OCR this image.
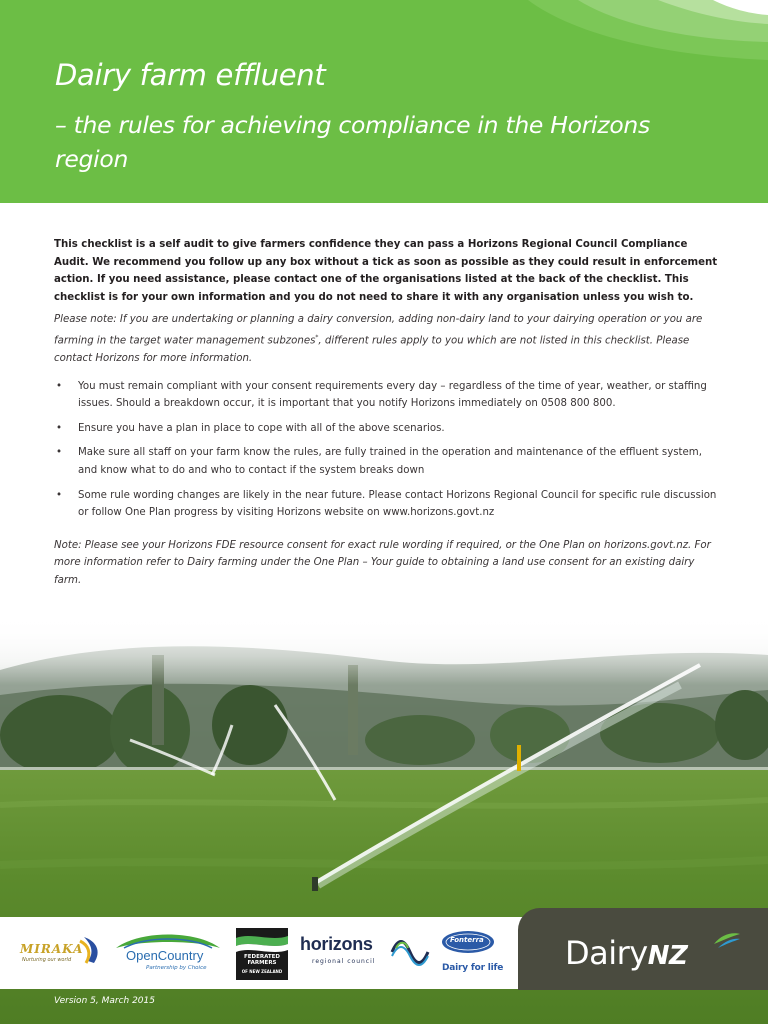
Dairy farm effluent
– the rules for achieving compliance in the Horizons region

This checklist is a self audit to give farmers confidence they can pass a Horizons Regional Council Compliance Audit. We recommend you follow up any box without a tick as soon as possible as they could result in enforcement action. If you need assistance, please contact one of the organisations listed at the back of the checklist. This checklist is for your own information and you do not need to share it with any organisation unless you wish to.

Please note: If you are undertaking or planning a dairy conversion, adding non-dairy land to your dairying operation or you are farming in the target water management subzones*, different rules apply to you which are not listed in this checklist. Please contact Horizons for more information.

• You must remain compliant with your consent requirements every day – regardless of the time of year, weather, or staffing issues. Should a breakdown occur, it is important that you notify Horizons immediately on 0508 800 800.
• Ensure you have a plan in place to cope with all of the above scenarios.
• Make sure all staff on your farm know the rules, are fully trained in the operation and maintenance of the effluent system, and know what to do and who to contact if the system breaks down
• Some rule wording changes are likely in the near future. Please contact Horizons Regional Council for specific rule discussion or follow One Plan progress by visiting Horizons website on www.horizons.govt.nz

Note: Please see your Horizons FDE resource consent for exact rule wording if required, or the One Plan on horizons.govt.nz. For more information refer to Dairy farming under the One Plan – Your guide to obtaining a land use consent for an existing dairy farm.

MIRAKA
Nurturing our world	OpenCountry
Partnership by Choice
FEDERATED FARMERS
OF NEW ZEALAND
horizons
regional council
Fonterra
Dairy for life DairyNZ
Version 5, March 2015
